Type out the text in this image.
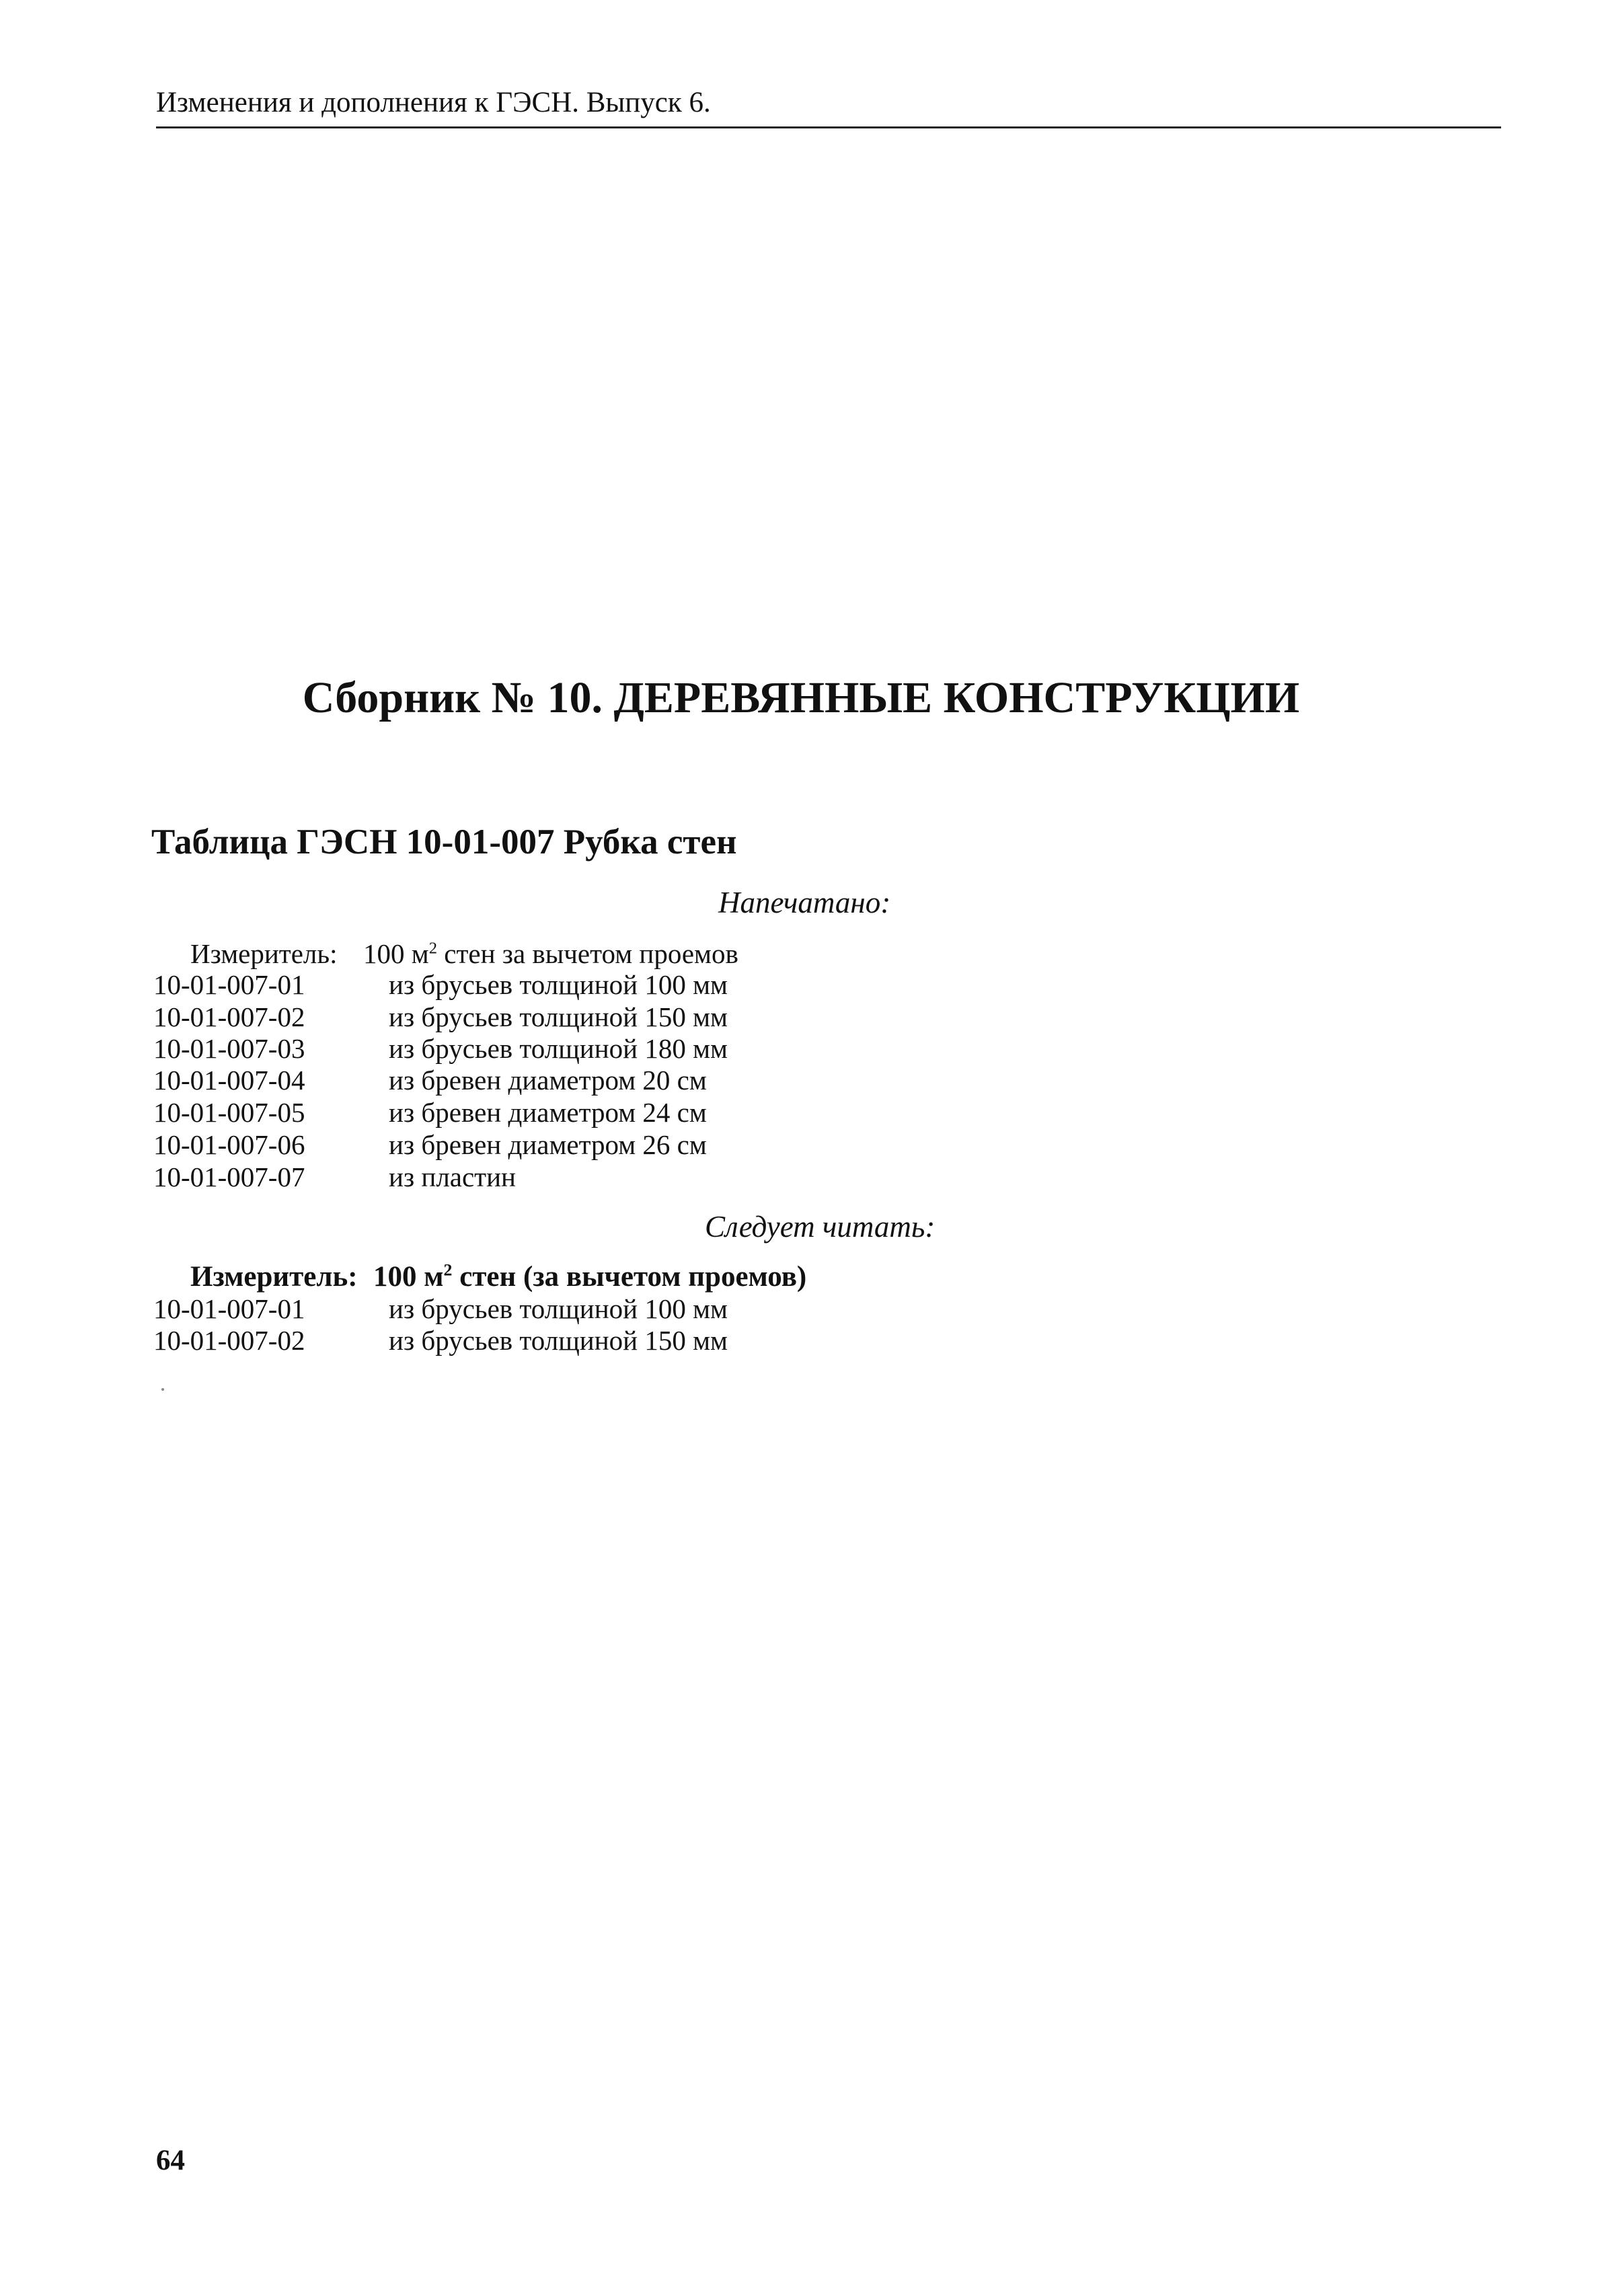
Изменения и дополнения к ГЭСН. Выпуск 6.
Сборник № 10. ДЕРЕВЯННЫЕ КОНСТРУКЦИИ
Таблица ГЭСН 10-01-007 Рубка стен
Напечатано:
Измеритель: 100 $м^2$ стен за вычетом проемов
10-01-007-01	из брусьев толщиной 100 мм
10-01-007-02	из брусьев толщиной 150 мм
10-01-007-03	из брусьев толщиной 180 мм
10-01-007-04	из бревен диаметром 20 см
10-01-007-05	из бревен диаметром 24 см
10-01-007-06	из бревен диаметром 26 см
10-01-007-07	из пластин
Следует читать:
Измеритель: 100 $м^2$ стен (за вычетом проемов)
10-01-007-01	из брусьев толщиной 100 мм
10-01-007-02	из брусьев толщиной 150 мм
64
